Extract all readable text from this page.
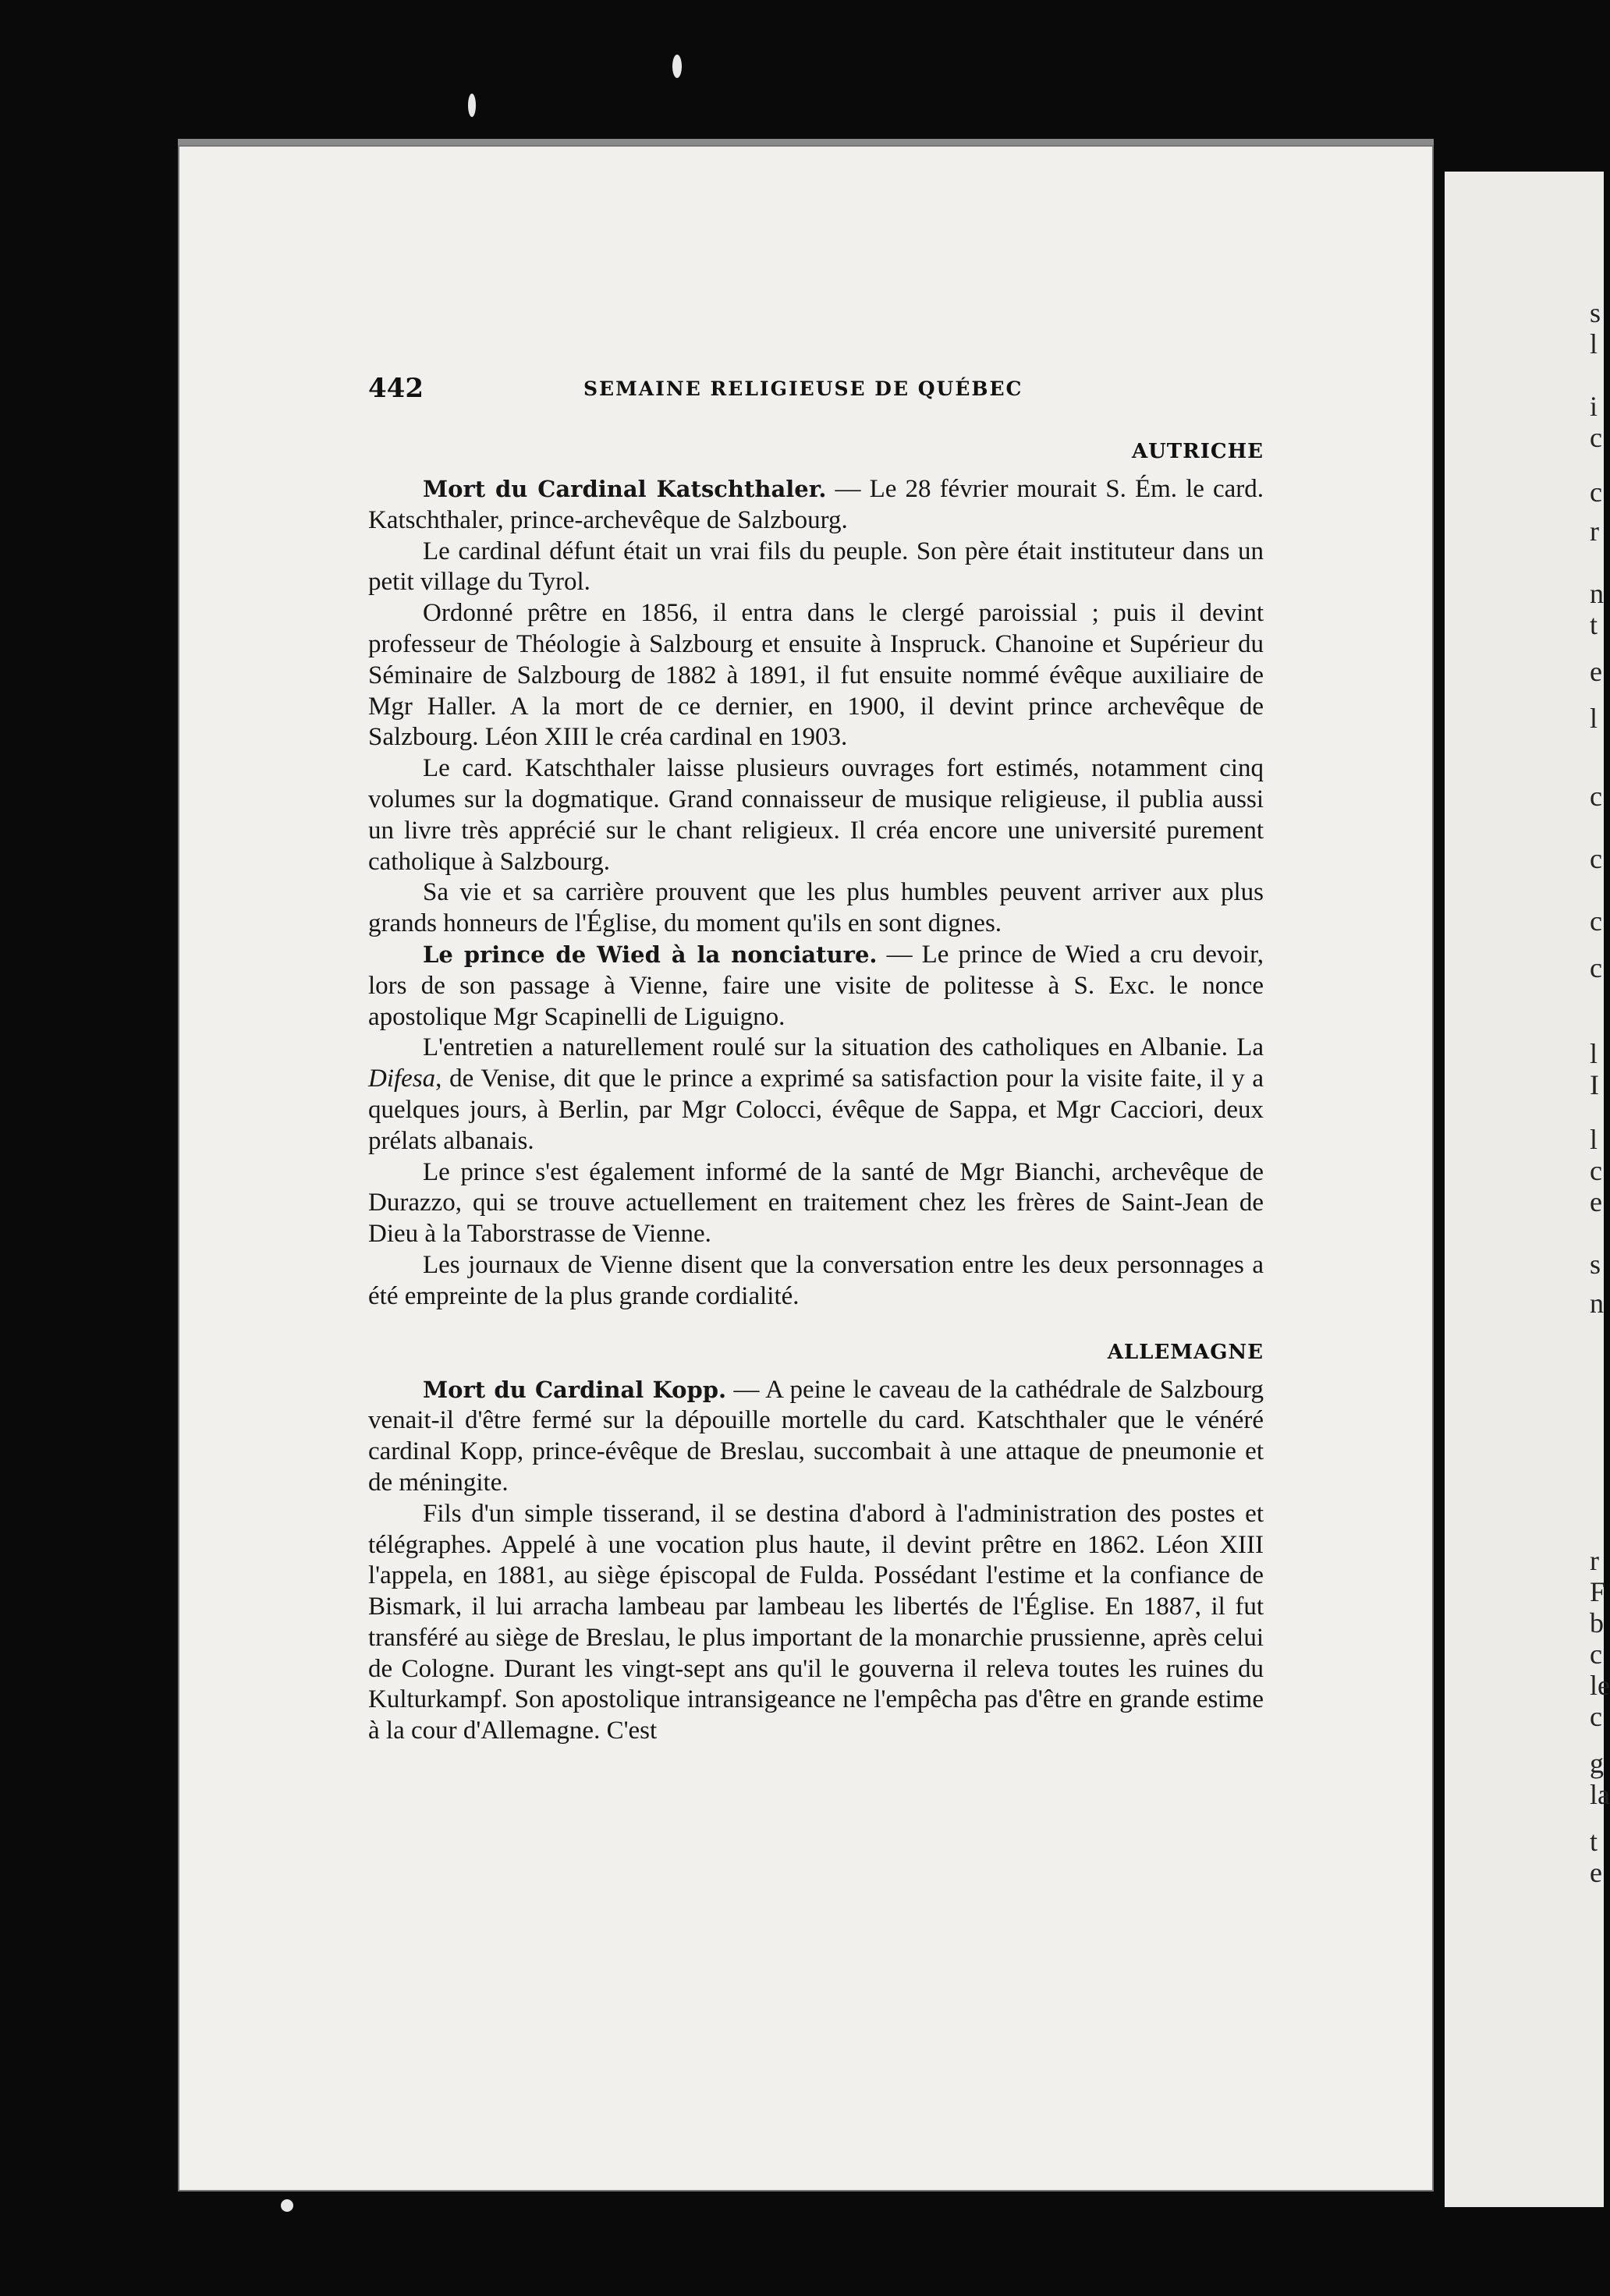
s
l
i
c
c
r
n
t
e
l
c
c
c
c
l
I
l
c
e
s
n
r
F
b
c
le
c
g
la
t
e
442	SEMAINE RELIGIEUSE DE QUÉBEC
AUTRICHE

Mort du Cardinal Katschthaler. — Le 28 février mourait S. Ém. le card. Katschthaler, prince-archevêque de Salzbourg.

Le cardinal défunt était un vrai fils du peuple. Son père était instituteur dans un petit village du Tyrol.

Ordonné prêtre en 1856, il entra dans le clergé paroissial ; puis il devint professeur de Théologie à Salzbourg et ensuite à Inspruck. Chanoine et Supérieur du Séminaire de Salzbourg de 1882 à 1891, il fut ensuite nommé évêque auxiliaire de Mgr Haller. A la mort de ce dernier, en 1900, il devint prince archevêque de Salzbourg. Léon XIII le créa cardinal en 1903.

Le card. Katschthaler laisse plusieurs ouvrages fort estimés, notamment cinq volumes sur la dogmatique. Grand connaisseur de musique religieuse, il publia aussi un livre très apprécié sur le chant religieux. Il créa encore une université purement catholique à Salzbourg.

Sa vie et sa carrière prouvent que les plus humbles peuvent arriver aux plus grands honneurs de l'Église, du moment qu'ils en sont dignes.

Le prince de Wied à la nonciature. — Le prince de Wied a cru devoir, lors de son passage à Vienne, faire une visite de politesse à S. Exc. le nonce apostolique Mgr Scapinelli de Liguigno.

L'entretien a naturellement roulé sur la situation des catholiques en Albanie. La Difesa, de Venise, dit que le prince a exprimé sa satisfaction pour la visite faite, il y a quelques jours, à Berlin, par Mgr Colocci, évêque de Sappa, et Mgr Cacciori, deux prélats albanais.

Le prince s'est également informé de la santé de Mgr Bianchi, archevêque de Durazzo, qui se trouve actuellement en traitement chez les frères de Saint-Jean de Dieu à la Taborstrasse de Vienne.

Les journaux de Vienne disent que la conversation entre les deux personnages a été empreinte de la plus grande cordialité.

ALLEMAGNE

Mort du Cardinal Kopp. — A peine le caveau de la cathédrale de Salzbourg venait-il d'être fermé sur la dépouille mortelle du card. Katschthaler que le vénéré cardinal Kopp, prince-évêque de Breslau, succombait à une attaque de pneumonie et de méningite.

Fils d'un simple tisserand, il se destina d'abord à l'administration des postes et télégraphes. Appelé à une vocation plus haute, il devint prêtre en 1862. Léon XIII l'appela, en 1881, au siège épiscopal de Fulda. Possédant l'estime et la confiance de Bismark, il lui arracha lambeau par lambeau les libertés de l'Église. En 1887, il fut transféré au siège de Breslau, le plus important de la monarchie prussienne, après celui de Cologne. Durant les vingt-sept ans qu'il le gouverna il releva toutes les ruines du Kulturkampf. Son apostolique intransigeance ne l'empêcha pas d'être en grande estime à la cour d'Allemagne. C'est
